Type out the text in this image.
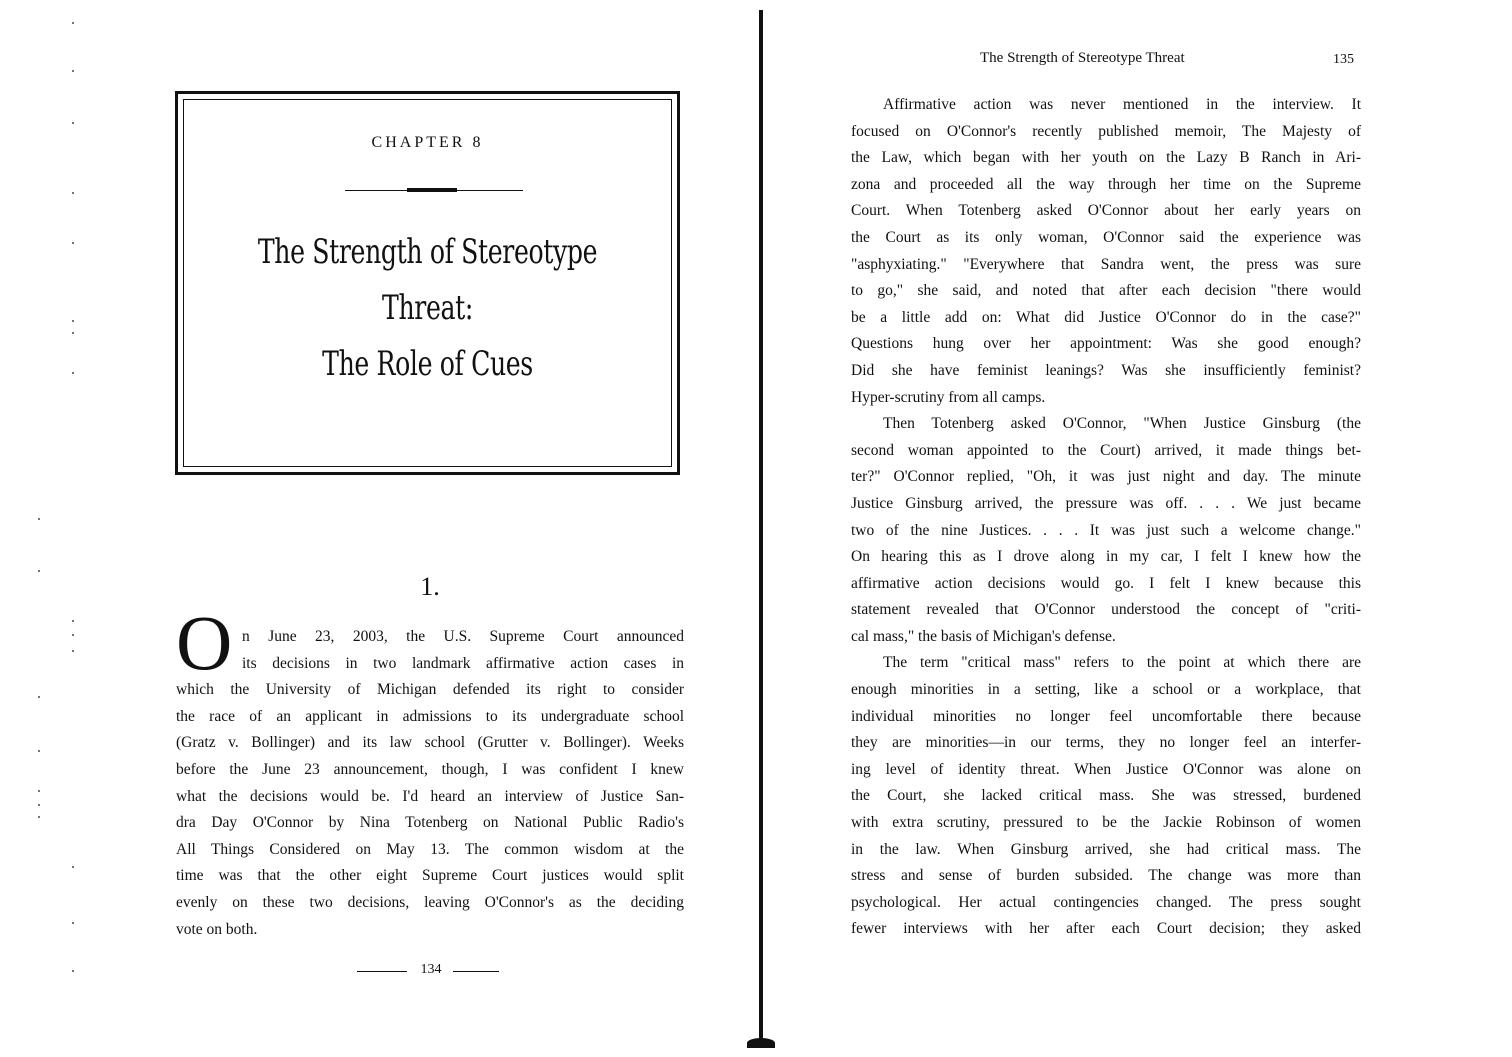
CHAPTER 8
The Strength of Stereotype Threat:
The Role of Cues
1.
O n June 23, 2003, the U.S. Supreme Court announced
its decisions in two landmark affirmative action cases in
which the University of Michigan defended its right to consider
the race of an applicant in admissions to its undergraduate school
(Gratz v. Bollinger) and its law school (Grutter v. Bollinger). Weeks
before the June 23 announcement, though, I was confident I knew
what the decisions would be. I'd heard an interview of Justice San-
dra Day O'Connor by Nina Totenberg on National Public Radio's
All Things Considered on May 13. The common wisdom at the
time was that the other eight Supreme Court justices would split
evenly on these two decisions, leaving O'Connor's as the deciding
vote on both.
134
The Strength of Stereotype Threat	135
Affirmative action was never mentioned in the interview. It
focused on O'Connor's recently published memoir, The Majesty of
the Law, which began with her youth on the Lazy B Ranch in Ari-
zona and proceeded all the way through her time on the Supreme
Court. When Totenberg asked O'Connor about her early years on
the Court as its only woman, O'Connor said the experience was
"asphyxiating." "Everywhere that Sandra went, the press was sure
to go," she said, and noted that after each decision "there would
be a little add on: What did Justice O'Connor do in the case?"
Questions hung over her appointment: Was she good enough?
Did she have feminist leanings? Was she insufficiently feminist?
Hyper-scrutiny from all camps.
Then Totenberg asked O'Connor, "When Justice Ginsburg (the
second woman appointed to the Court) arrived, it made things bet-
ter?" O'Connor replied, "Oh, it was just night and day. The minute
Justice Ginsburg arrived, the pressure was off. . . . We just became
two of the nine Justices. . . . It was just such a welcome change."
On hearing this as I drove along in my car, I felt I knew how the
affirmative action decisions would go. I felt I knew because this
statement revealed that O'Connor understood the concept of "criti-
cal mass," the basis of Michigan's defense.
The term "critical mass" refers to the point at which there are
enough minorities in a setting, like a school or a workplace, that
individual minorities no longer feel uncomfortable there because
they are minorities—in our terms, they no longer feel an interfer-
ing level of identity threat. When Justice O'Connor was alone on
the Court, she lacked critical mass. She was stressed, burdened
with extra scrutiny, pressured to be the Jackie Robinson of women
in the law. When Ginsburg arrived, she had critical mass. The
stress and sense of burden subsided. The change was more than
psychological. Her actual contingencies changed. The press sought
fewer interviews with her after each Court decision; they asked
